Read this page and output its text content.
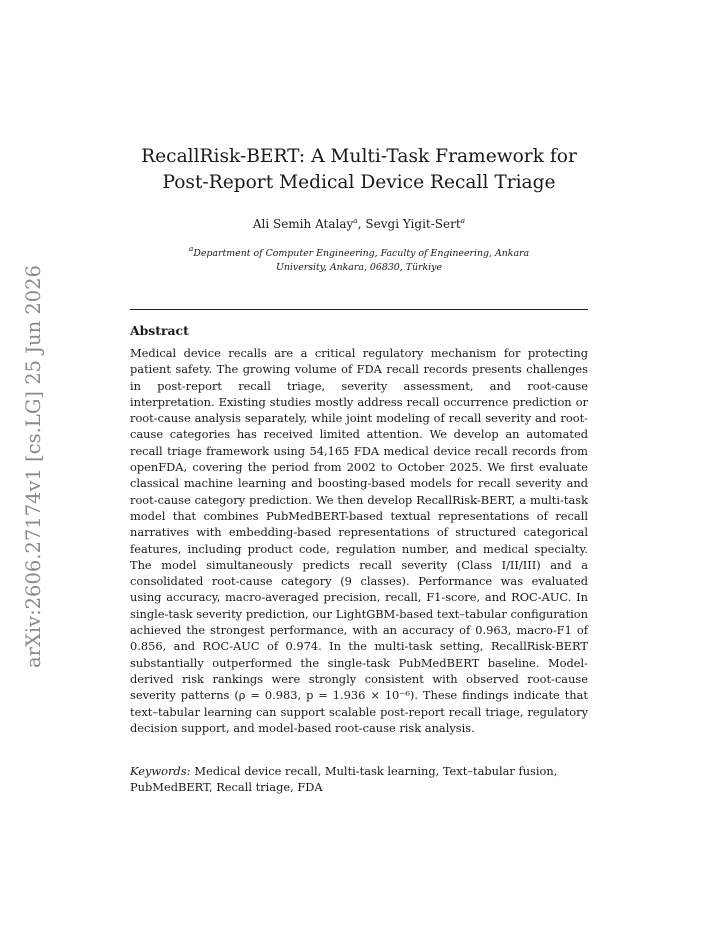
arXiv:2606.27174v1 [cs.LG] 25 Jun 2026
RecallRisk-BERT: A Multi-Task Framework for
Post-Report Medical Device Recall Triage
Ali Semih Atalay$^a$, Sevgi Yigit-Sert$^a$
$^a$Department of Computer Engineering, Faculty of Engineering, Ankara
University, Ankara, 06830, Türkiye
Abstract

Medical device recalls are a critical regulatory mechanism for protecting patient safety. The growing volume of FDA recall records presents challenges in post-report recall triage, severity assessment, and root-cause interpretation. Existing studies mostly address recall occurrence prediction or root-cause analysis separately, while joint modeling of recall severity and root-cause categories has received limited attention. We develop an automated recall triage framework using 54,165 FDA medical device recall records from openFDA, covering the period from 2002 to October 2025. We first evaluate classical machine learning and boosting-based models for recall severity and root-cause category prediction. We then develop RecallRisk-BERT, a multi-task model that combines PubMedBERT-based textual representations of recall narratives with embedding-based representations of structured categorical features, including product code, regulation number, and medical specialty. The model simultaneously predicts recall severity (Class I/II/III) and a consolidated root-cause category (9 classes). Performance was evaluated using accuracy, macro-averaged precision, recall, F1-score, and ROC-AUC. In single-task severity prediction, our LightGBM-based text–tabular configuration achieved the strongest performance, with an accuracy of 0.963, macro-F1 of 0.856, and ROC-AUC of 0.974. In the multi-task setting, RecallRisk-BERT substantially outperformed the single-task PubMedBERT baseline. Model-derived risk rankings were strongly consistent with observed root-cause severity patterns (ρ = 0.983, p = 1.936 × 10⁻⁶). These findings indicate that text–tabular learning can support scalable post-report recall triage, regulatory decision support, and model-based root-cause risk analysis.

Keywords: Medical device recall, Multi-task learning, Text–tabular fusion, PubMedBERT, Recall triage, FDA
